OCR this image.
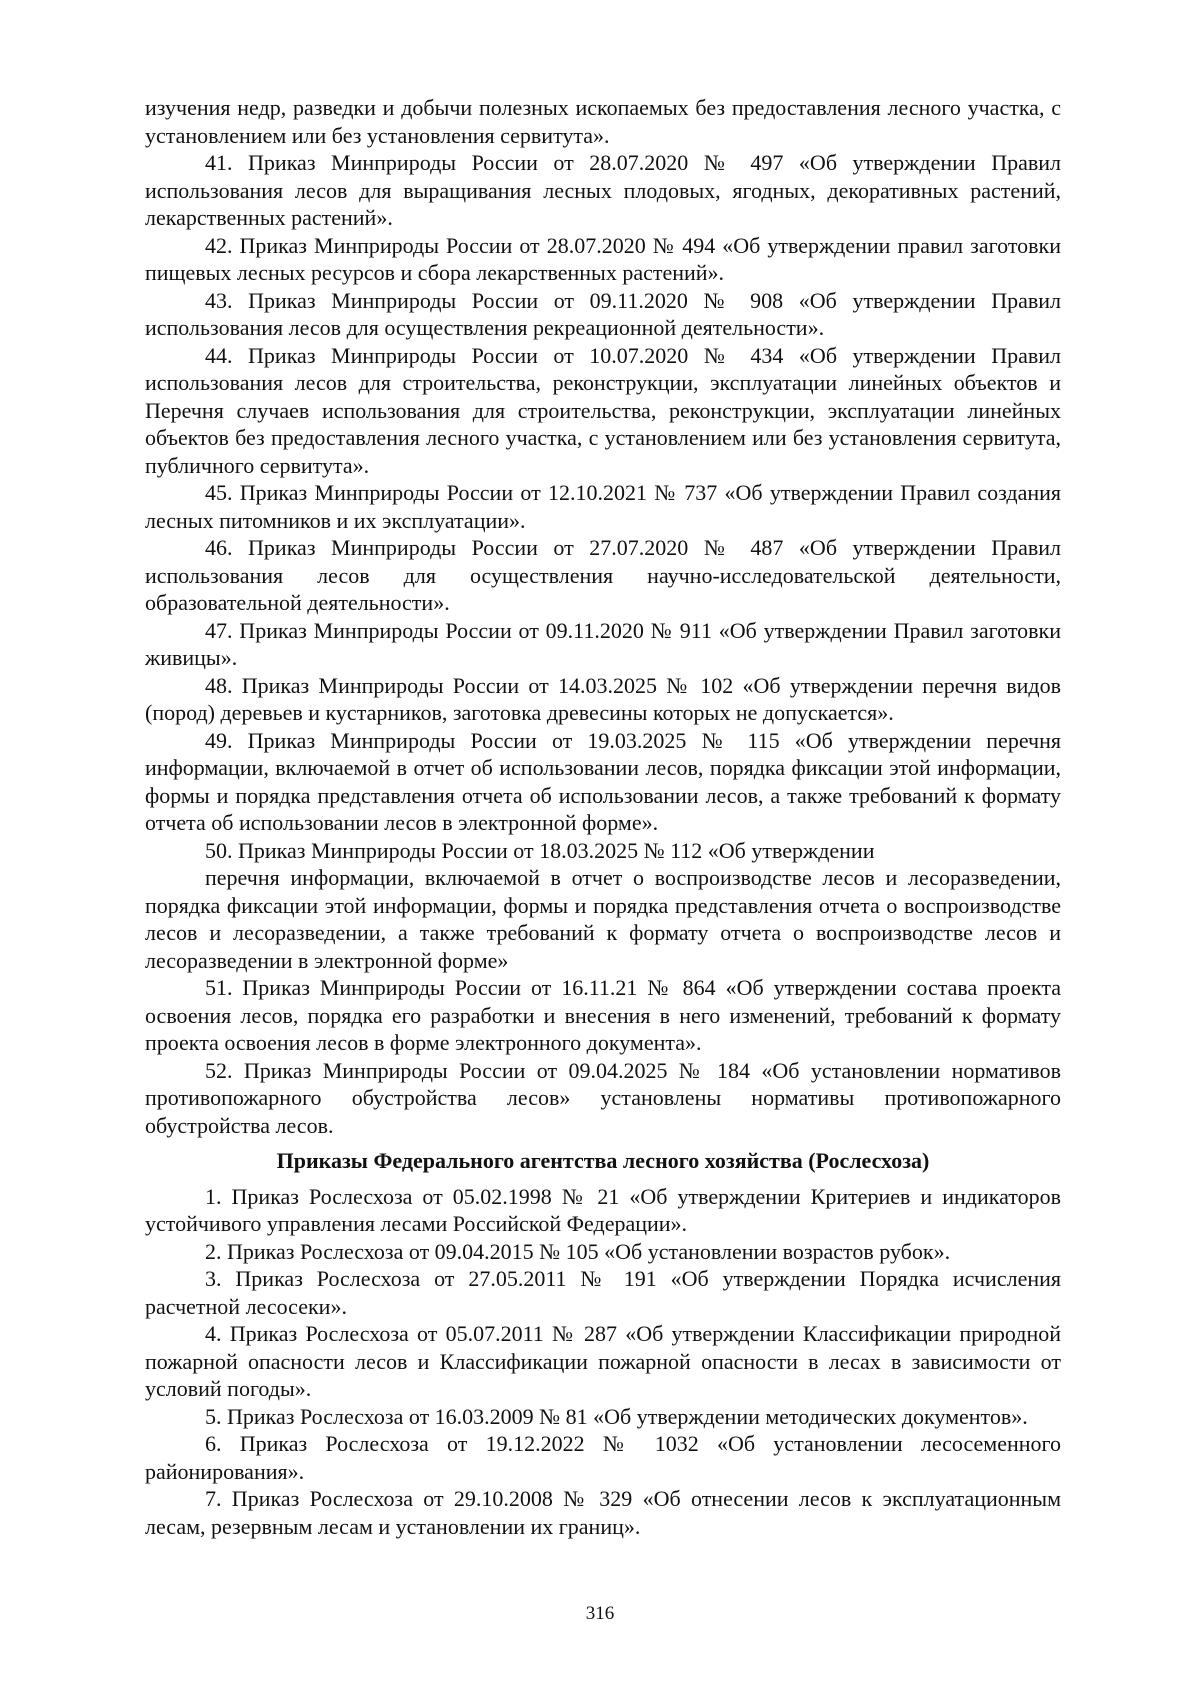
изучения недр, разведки и добычи полезных ископаемых без предоставления лесного участка, с установлением или без установления сервитута».

41. Приказ Минприроды России от 28.07.2020 № 497 «Об утверждении Правил использования лесов для выращивания лесных плодовых, ягодных, декоративных растений, лекарственных растений».

42. Приказ Минприроды России от 28.07.2020 № 494 «Об утверждении правил заготовки пищевых лесных ресурсов и сбора лекарственных растений».

43. Приказ Минприроды России от 09.11.2020 № 908 «Об утверждении Правил использования лесов для осуществления рекреационной деятельности».

44. Приказ Минприроды России от 10.07.2020 № 434 «Об утверждении Правил использования лесов для строительства, реконструкции, эксплуатации линейных объектов и Перечня случаев использования для строительства, реконструкции, эксплуатации линейных объектов без предоставления лесного участка, с установлением или без установления сервитута, публичного сервитута».

45. Приказ Минприроды России от 12.10.2021 № 737 «Об утверждении Правил создания лесных питомников и их эксплуатации».

46. Приказ Минприроды России от 27.07.2020 № 487 «Об утверждении Правил использования лесов для осуществления научно-исследовательской деятельности, образовательной деятельности».

47. Приказ Минприроды России от 09.11.2020 № 911 «Об утверждении Правил заготовки живицы».

48. Приказ Минприроды России от 14.03.2025 № 102 «Об утверждении перечня видов (пород) деревьев и кустарников, заготовка древесины которых не допускается».

49. Приказ Минприроды России от 19.03.2025 № 115 «Об утверждении перечня информации, включаемой в отчет об использовании лесов, порядка фиксации этой информации, формы и порядка представления отчета об использовании лесов, а также требований к формату отчета об использовании лесов в электронной форме».

50. Приказ Минприроды России от 18.03.2025 № 112 «Об утверждении

перечня информации, включаемой в отчет о воспроизводстве лесов и лесоразведении, порядка фиксации этой информации, формы и порядка представления отчета о воспроизводстве лесов и лесоразведении, а также требований к формату отчета о воспроизводстве лесов и лесоразведении в электронной форме»

51. Приказ Минприроды России от 16.11.21 № 864 «Об утверждении состава проекта освоения лесов, порядка его разработки и внесения в него изменений, требований к формату проекта освоения лесов в форме электронного документа».

52. Приказ Минприроды России от 09.04.2025 № 184 «Об установлении нормативов противопожарного обустройства лесов» установлены нормативы противопожарного обустройства лесов.

Приказы Федерального агентства лесного хозяйства (Рослесхоза)

1. Приказ Рослесхоза от 05.02.1998 № 21 «Об утверждении Критериев и индикаторов устойчивого управления лесами Российской Федерации».

2. Приказ Рослесхоза от 09.04.2015 № 105 «Об установлении возрастов рубок».

3. Приказ Рослесхоза от 27.05.2011 № 191 «Об утверждении Порядка исчисления расчетной лесосеки».

4. Приказ Рослесхоза от 05.07.2011 № 287 «Об утверждении Классификации природной пожарной опасности лесов и Классификации пожарной опасности в лесах в зависимости от условий погоды».

5. Приказ Рослесхоза от 16.03.2009 № 81 «Об утверждении методических документов».

6. Приказ Рослесхоза от 19.12.2022 № 1032 «Об установлении лесосеменного районирования».

7. Приказ Рослесхоза от 29.10.2008 № 329 «Об отнесении лесов к эксплуатационным лесам, резервным лесам и установлении их границ».

316
